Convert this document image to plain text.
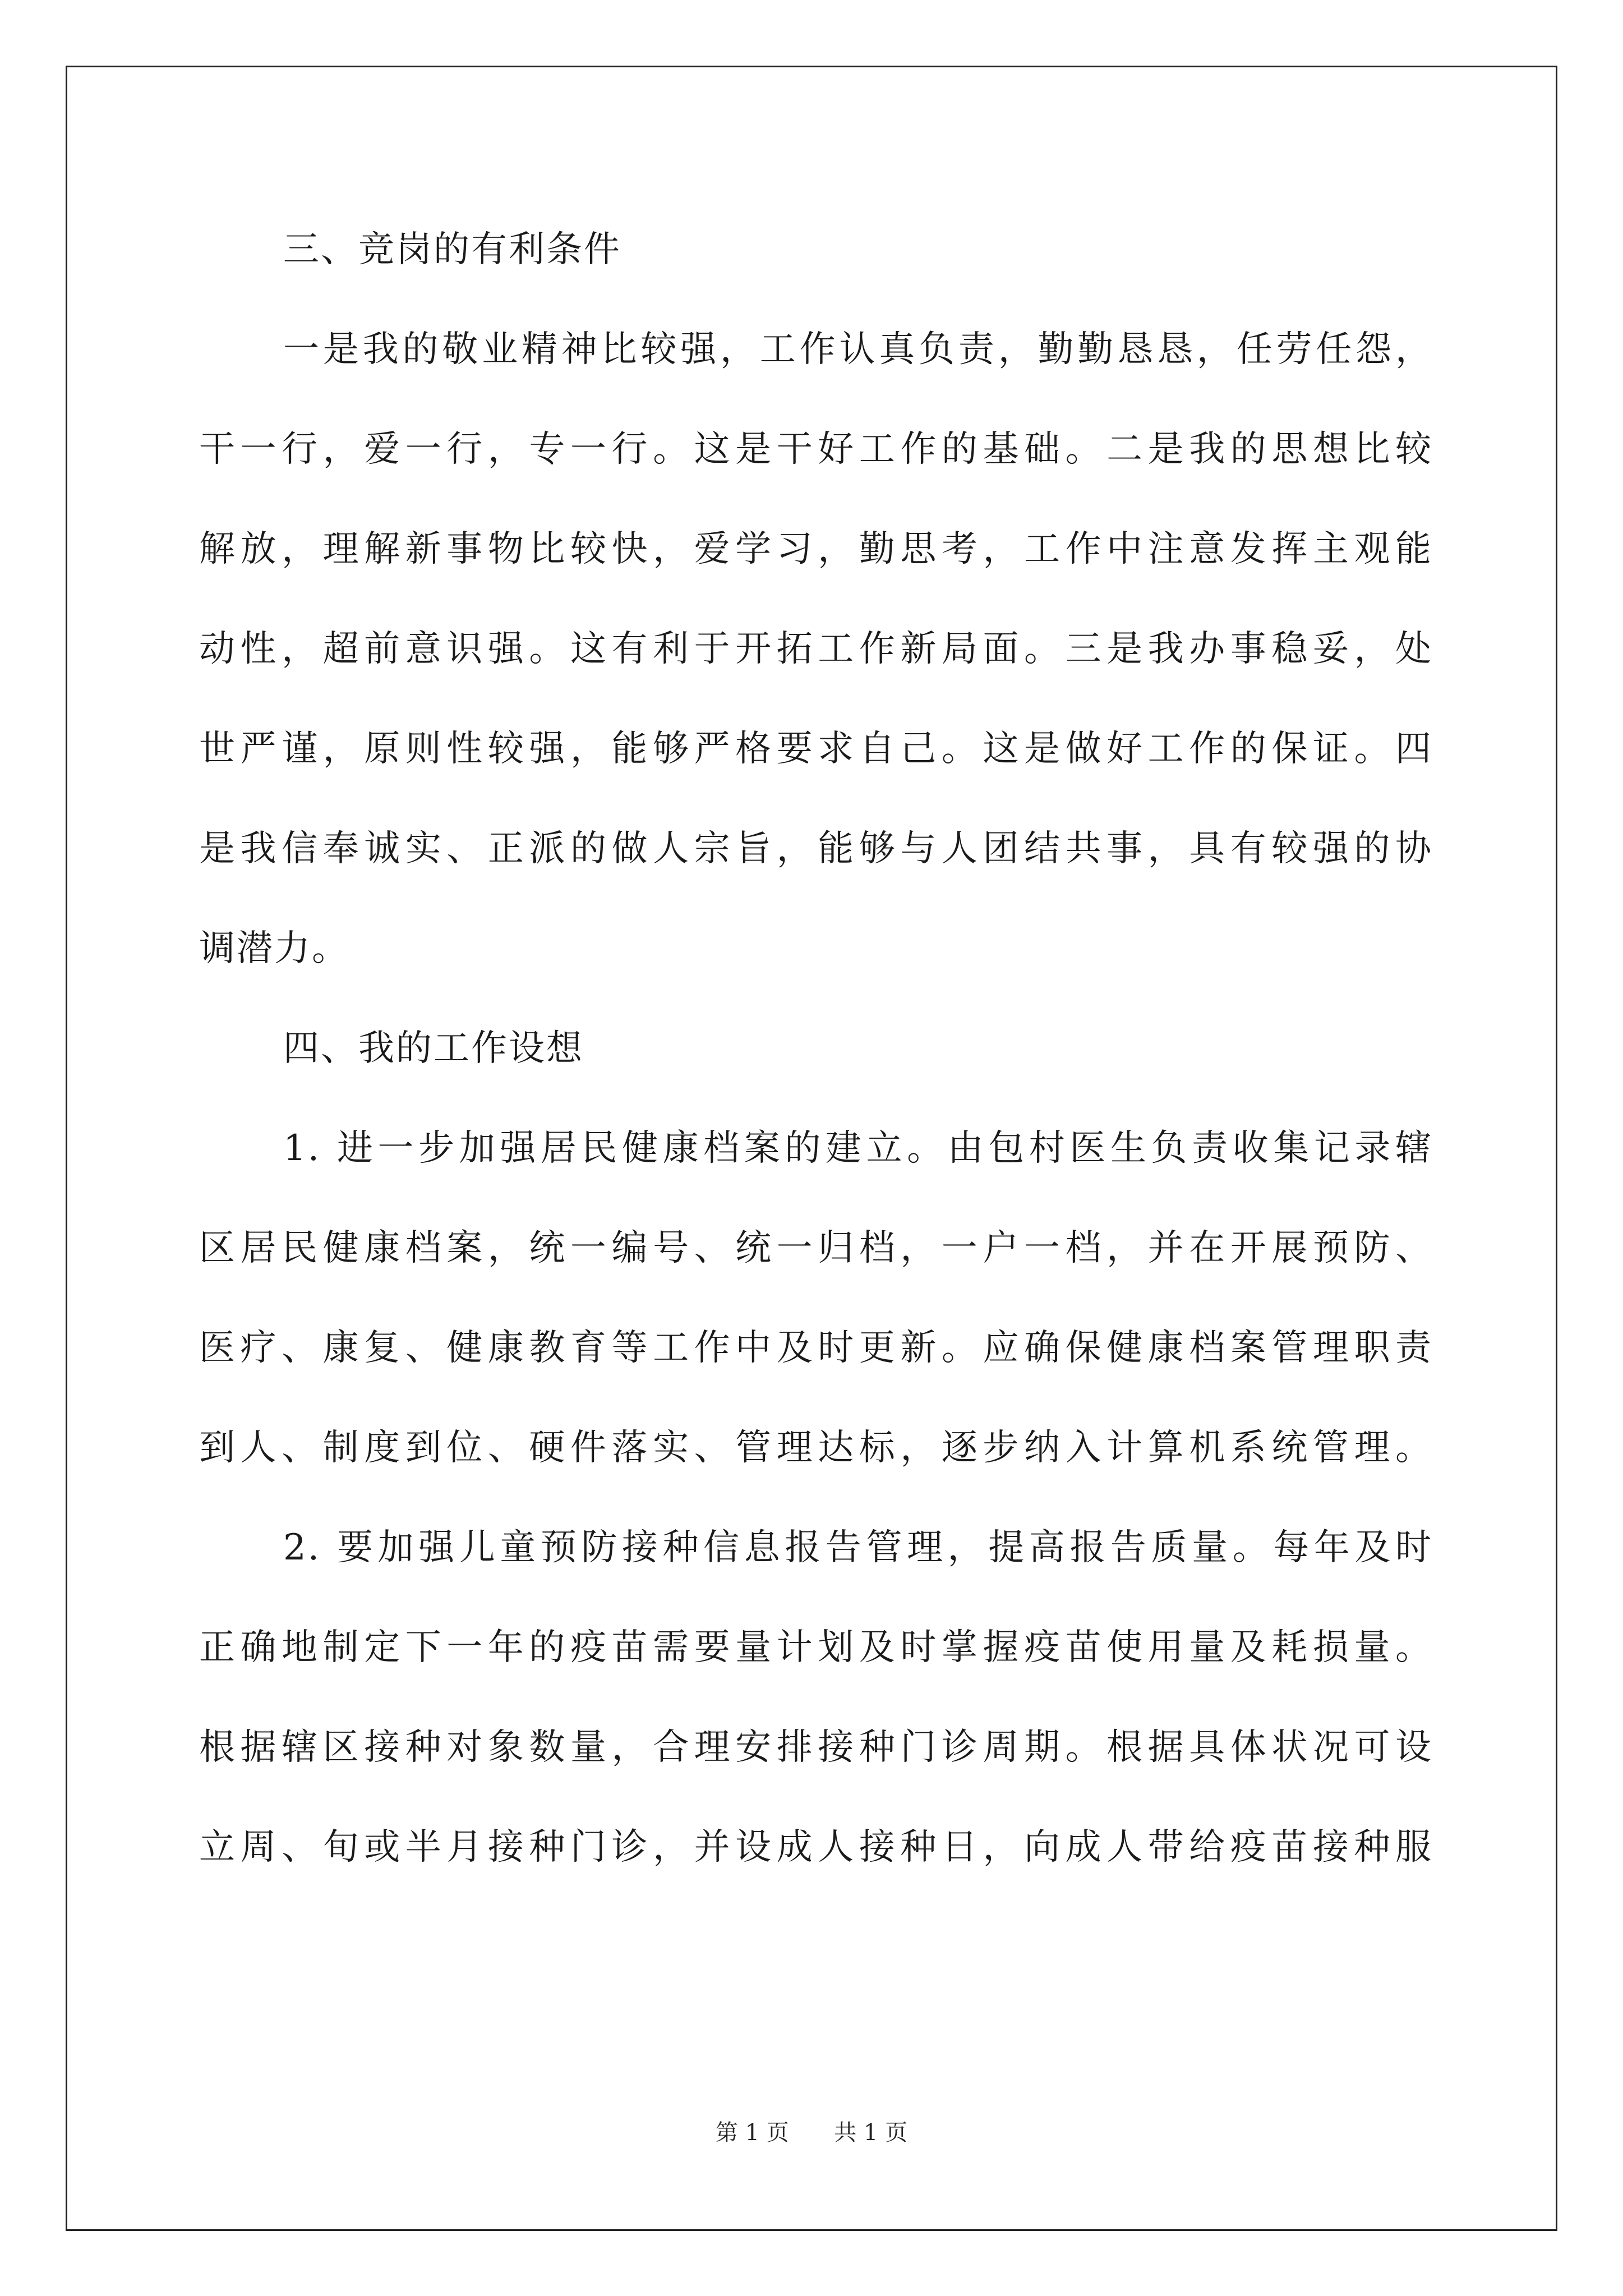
三、竞岗的有利条件
一是我的敬业精神比较强，工作认真负责，勤勤恳恳，任劳任怨，
干一行，爱一行，专一行。这是干好工作的基础。二是我的思想比较
解放，理解新事物比较快，爱学习，勤思考，工作中注意发挥主观能
动性，超前意识强。这有利于开拓工作新局面。三是我办事稳妥，处
世严谨，原则性较强，能够严格要求自己。这是做好工作的保证。四
是我信奉诚实、正派的做人宗旨，能够与人团结共事，具有较强的协
调潜力。
四、我的工作设想
1. 进一步加强居民健康档案的建立。由包村医生负责收集记录辖
区居民健康档案，统一编号、统一归档，一户一档，并在开展预防、
医疗、康复、健康教育等工作中及时更新。应确保健康档案管理职责
到人、制度到位、硬件落实、管理达标，逐步纳入计算机系统管理。
2. 要加强儿童预防接种信息报告管理，提高报告质量。每年及时
正确地制定下一年的疫苗需要量计划及时掌握疫苗使用量及耗损量。
根据辖区接种对象数量，合理安排接种门诊周期。根据具体状况可设
立周、旬或半月接种门诊，并设成人接种日，向成人带给疫苗接种服
第 1 页 共 1 页
